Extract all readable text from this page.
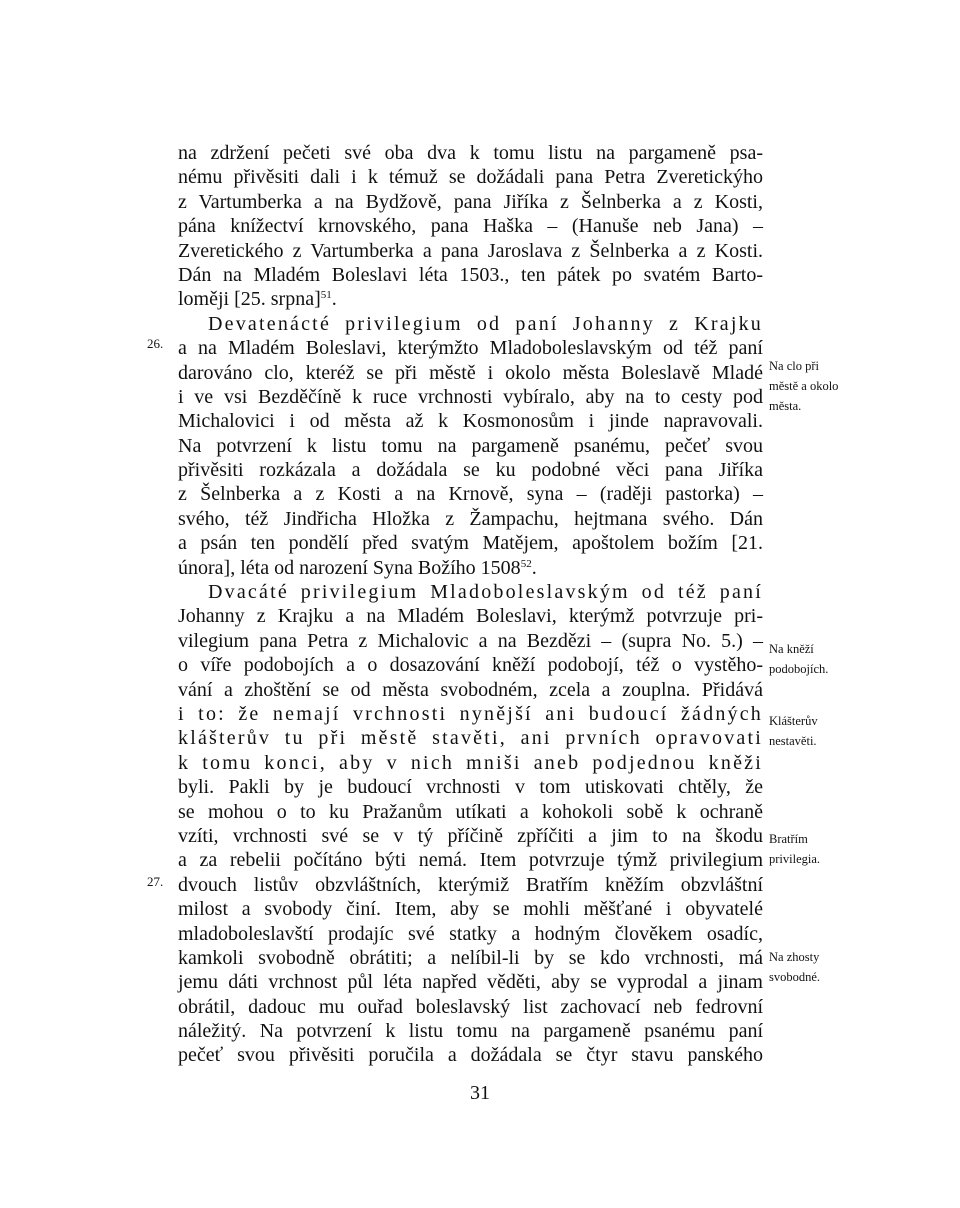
na zdržení pečeti své oba dva k tomu listu na pargameně psa-
nému přivěsiti dali i k témuž se dožádali pana Petra Zveretickýho
z Vartumberka a na Bydžově, pana Jiříka z Šelnberka a z Kosti,
pána knížectví krnovského, pana Haška – (Hanuše neb Jana) –
Zveretického z Vartumberka a pana Jaroslava z Šelnberka a z Kosti.
Dán na Mladém Boleslavi léta 1503., ten pátek po svatém Barto-
loměji [25. srpna]$^{51}$.
Devatenácté privilegium od paní Johanny z Krajku
a na Mladém Boleslavi, kterýmžto Mladoboleslavským od též paní
darováno clo, kteréž se při městě i okolo města Boleslavě Mladé
i ve vsi Bezděčíně k ruce vrchnosti vybíralo, aby na to cesty pod
Michalovici i od města až k Kosmonosům i jinde napravovali.
Na potvrzení k listu tomu na pargameně psanému, pečeť svou
přivěsiti rozkázala a dožádala se ku podobné věci pana Jiříka
z Šelnberka a z Kosti a na Krnově, syna – (raději pastorka) –
svého, též Jindřicha Hložka z Žampachu, hejtmana svého. Dán
a psán ten pondělí před svatým Matějem, apoštolem božím [21.
února], léta od narození Syna Božího 1508$^{52}$.
Dvacáté privilegium Mladoboleslavským od též paní
Johanny z Krajku a na Mladém Boleslavi, kterýmž potvrzuje pri-
vilegium pana Petra z Michalovic a na Bezdězi – (supra No. 5.) –
o víře podobojích a o dosazování kněží podobojí, též o vystěho-
vání a zhoštění se od města svobodném, zcela a zouplna. Přidává
i to: že nemají vrchnosti nynější ani budoucí žádných
klášterův tu při městě stavěti, ani prvních opravovati
k tomu konci, aby v nich mniši aneb podjednou kněži
byli. Pakli by je budoucí vrchnosti v tom utiskovati chtěly, že
se mohou o to ku Pražanům utíkati a kohokoli sobě k ochraně
vzíti, vrchnosti své se v tý příčině zpříčiti a jim to na škodu
a za rebelii počítáno býti nemá. Item potvrzuje týmž privilegium
dvouch listův obzvláštních, kterýmiž Bratřím kněžím obzvláštní
milost a svobody činí. Item, aby se mohli měšťané i obyvatelé
mladoboleslavští prodajíc své statky a hodným člověkem osadíc,
kamkoli svobodně obrátiti; a nelíbil-li by se kdo vrchnosti, má
jemu dáti vrchnost půl léta napřed věděti, aby se vyprodal a jinam
obrátil, dadouc mu ouřad boleslavský list zachovací neb fedrovní
náležitý. Na potvrzení k listu tomu na pargameně psanému paní
pečeť svou přivěsiti poručila a dožádala se čtyr stavu panského
26.
27.
Na clo při
městě a okolo
města.
Na kněží
podobojích.
Klášterův
nestavěti.
Bratřím
privilegia.
Na zhosty
svobodné.
31
